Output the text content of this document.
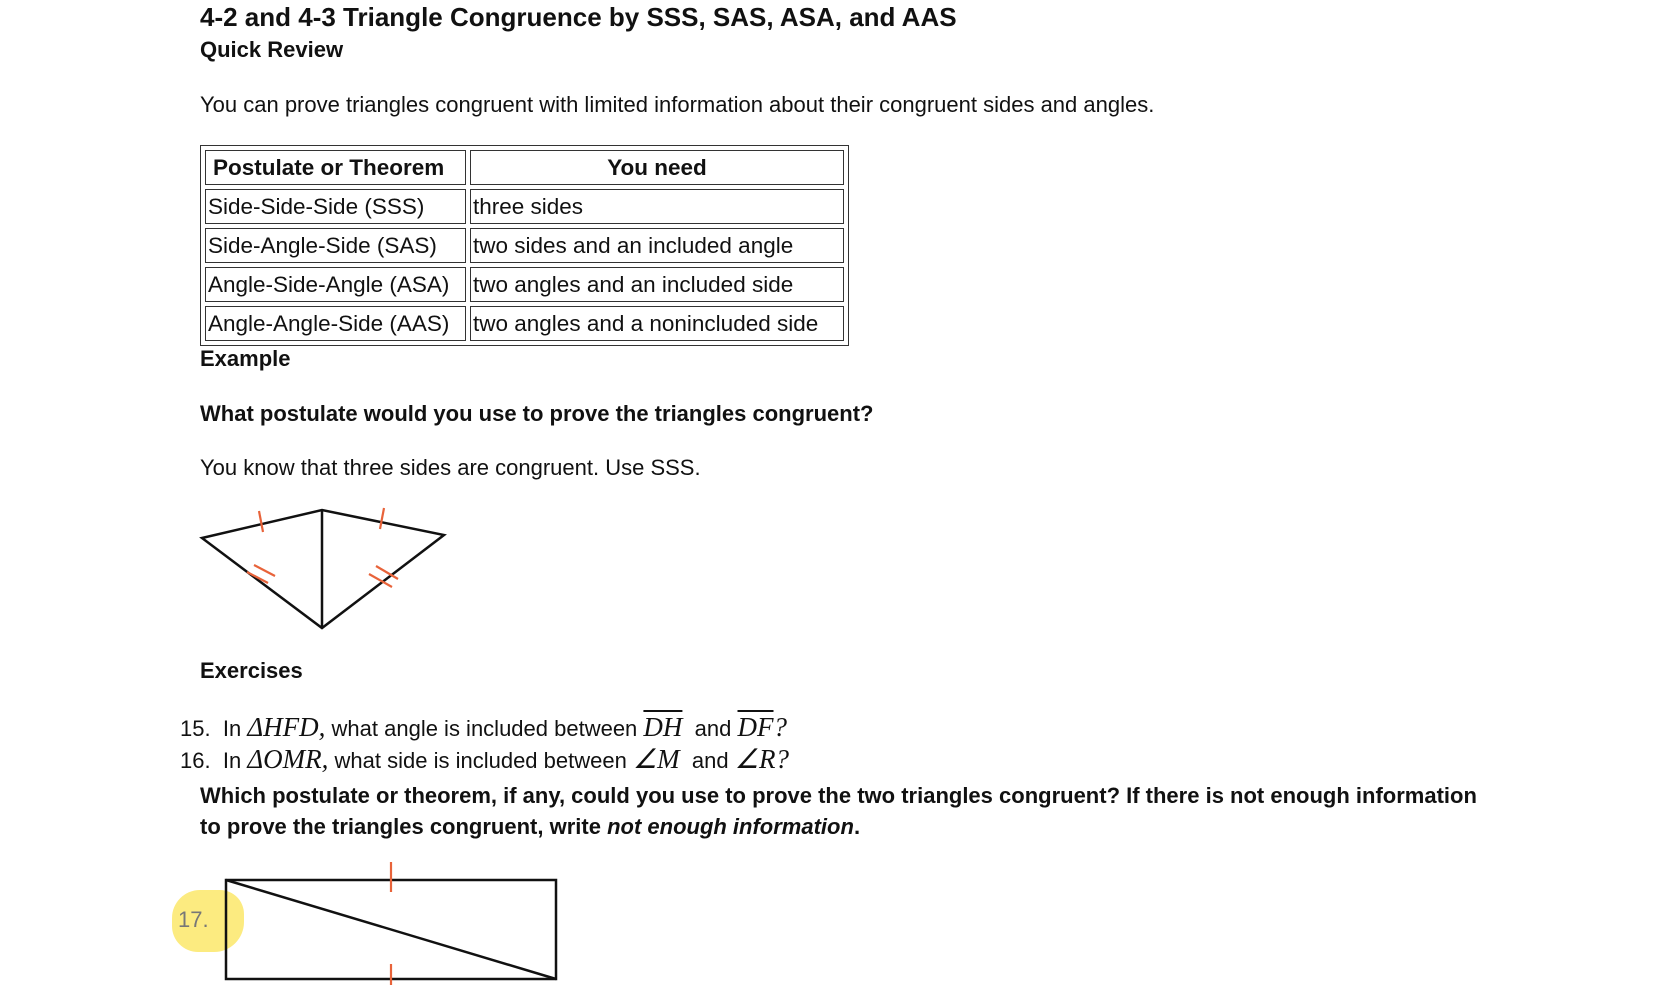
4-2 and 4-3 Triangle Congruence by SSS, SAS, ASA, and AAS
Quick Review
You can prove triangles congruent with limited information about their congruent sides and angles.
Postulate or Theorem	You need
Side-Side-Side (SSS)	three sides
Side-Angle-Side (SAS)	two sides and an included angle
Angle-Side-Angle (ASA)	two angles and an included side
Angle-Angle-Side (AAS)	two angles and a nonincluded side
Example
What postulate would you use to prove the triangles congruent?
You know that three sides are congruent. Use SSS.
Exercises
15. In ΔHFD, what angle is included between $\overline{DH}$ and $\overline{DF}$?
16. In ΔOMR, what side is included between ∠M and ∠R?
Which postulate or theorem, if any, could you use to prove the two triangles congruent? If there is not enough information to prove the triangles congruent, write not enough information.
17.
